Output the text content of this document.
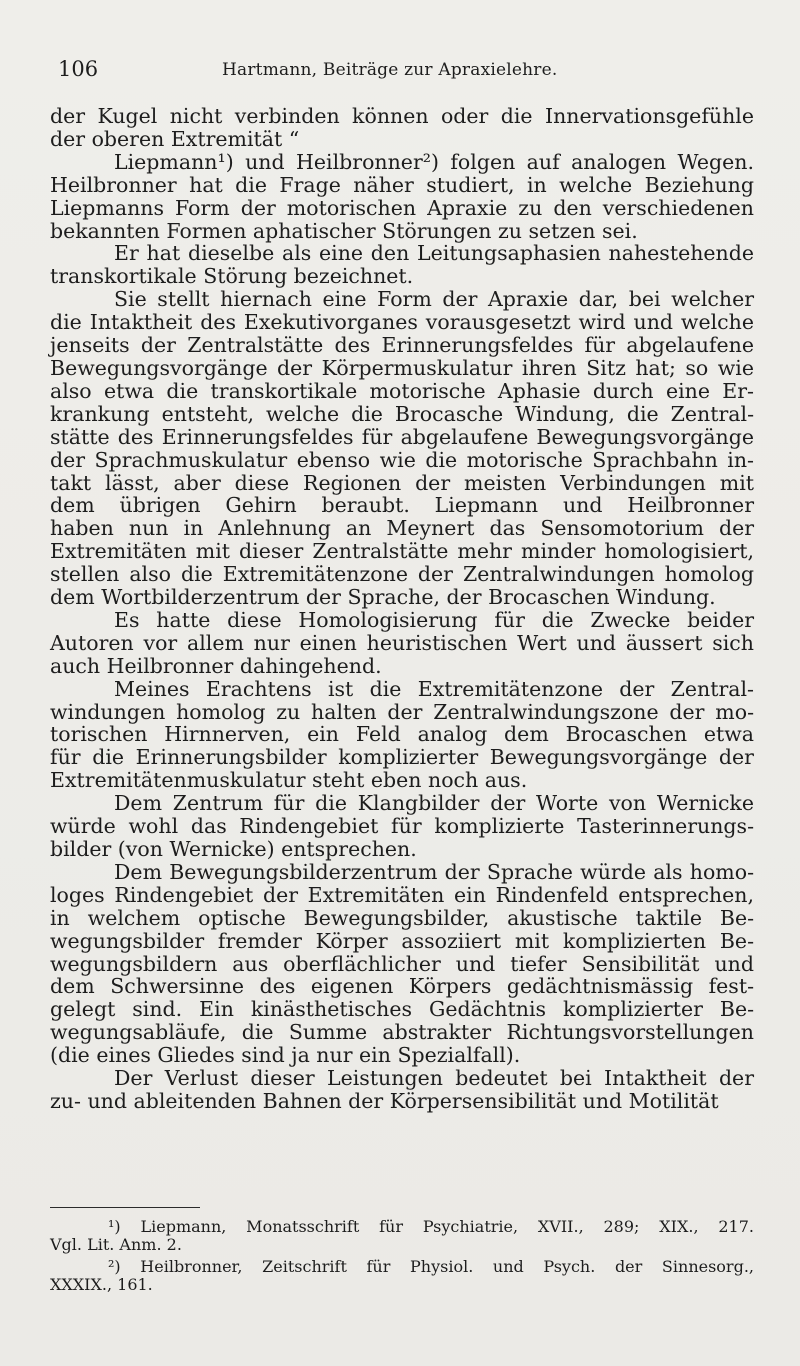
106	Hartmann, Beiträge zur Apraxielehre.

der Kugel nicht verbinden können oder die Innervationsgefühle
der oberen Extremität “

Liepmann¹) und Heilbronner²) folgen auf analogen Wegen.
Heilbronner hat die Frage näher studiert, in welche Beziehung
Liepmanns Form der motorischen Apraxie zu den verschiedenen
bekannten Formen aphatischer Störungen zu setzen sei.

Er hat dieselbe als eine den Leitungsaphasien nahestehende
transkortikale Störung bezeichnet.

Sie stellt hiernach eine Form der Apraxie dar, bei welcher
die Intaktheit des Exekutivorganes vorausgesetzt wird und welche
jenseits der Zentralstätte des Erinnerungsfeldes für abgelaufene
Bewegungsvorgänge der Körpermuskulatur ihren Sitz hat; so wie
also etwa die transkortikale motorische Aphasie durch eine Er-
krankung entsteht, welche die Brocasche Windung, die Zentral-
stätte des Erinnerungsfeldes für abgelaufene Bewegungsvorgänge
der Sprachmuskulatur ebenso wie die motorische Sprachbahn in-
takt lässt, aber diese Regionen der meisten Verbindungen mit
dem übrigen Gehirn beraubt. Liepmann und Heilbronner
haben nun in Anlehnung an Meynert das Sensomotorium der
Extremitäten mit dieser Zentralstätte mehr minder homologisiert,
stellen also die Extremitätenzone der Zentralwindungen homolog
dem Wortbilderzentrum der Sprache, der Brocaschen Windung.

Es hatte diese Homologisierung für die Zwecke beider
Autoren vor allem nur einen heuristischen Wert und äussert sich
auch Heilbronner dahingehend.

Meines Erachtens ist die Extremitätenzone der Zentral-
windungen homolog zu halten der Zentralwindungszone der mo-
torischen Hirnnerven, ein Feld analog dem Brocaschen etwa
für die Erinnerungsbilder komplizierter Bewegungsvorgänge der
Extremitätenmuskulatur steht eben noch aus.

Dem Zentrum für die Klangbilder der Worte von Wernicke
würde wohl das Rindengebiet für komplizierte Tasterinnerungs-
bilder (von Wernicke) entsprechen.

Dem Bewegungsbilderzentrum der Sprache würde als homo-
loges Rindengebiet der Extremitäten ein Rindenfeld entsprechen,
in welchem optische Bewegungsbilder, akustische taktile Be-
wegungsbilder fremder Körper assoziiert mit komplizierten Be-
wegungsbildern aus oberflächlicher und tiefer Sensibilität und
dem Schwersinne des eigenen Körpers gedächtnismässig fest-
gelegt sind. Ein kinästhetisches Gedächtnis komplizierter Be-
wegungsabläufe, die Summe abstrakter Richtungsvorstellungen
(die eines Gliedes sind ja nur ein Spezialfall).

Der Verlust dieser Leistungen bedeutet bei Intaktheit der
zu- und ableitenden Bahnen der Körpersensibilität und Motilität

¹) Liepmann, Monatsschrift für Psychiatrie, XVII., 289; XIX., 217.
Vgl. Lit. Anm. 2.
²) Heilbronner, Zeitschrift für Physiol. und Psych. der Sinnesorg.,
XXXIX., 161.
